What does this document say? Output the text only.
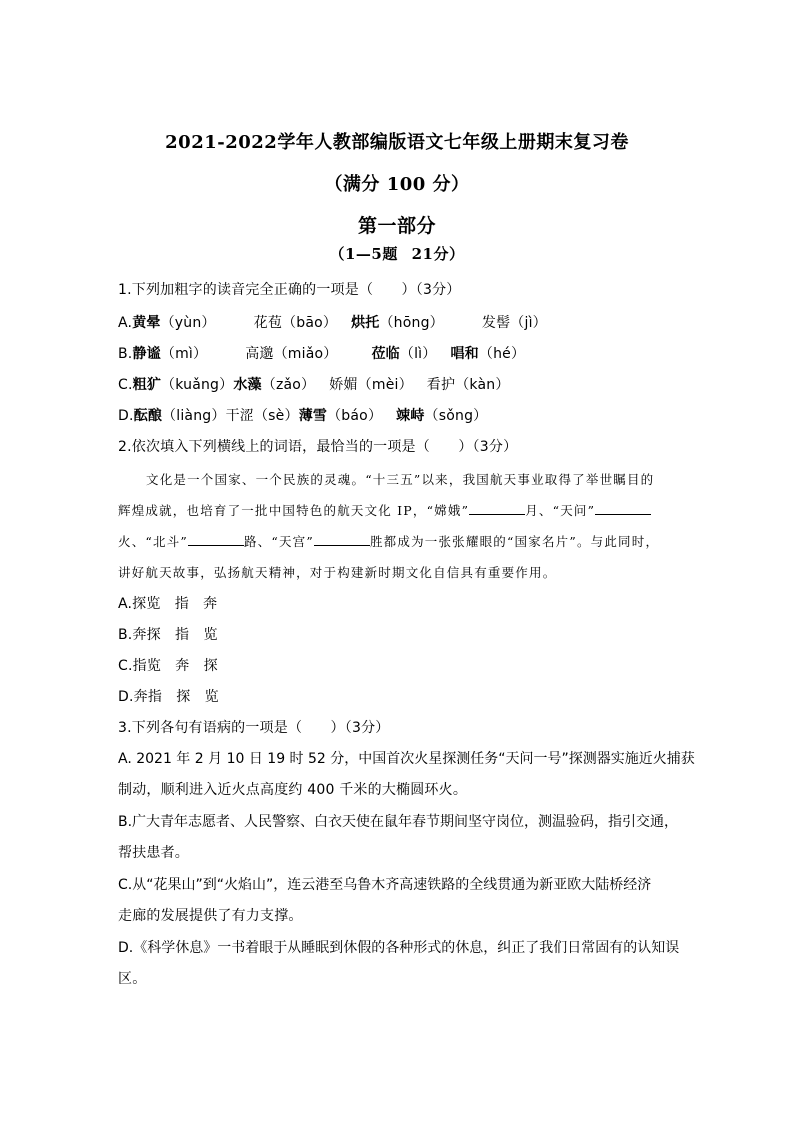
2021-2022学年人教部编版语文七年级上册期末复习卷
（满分 100 分）
第一部分
（1—5题 21分）
1.下列加粗字的读音完全正确的一项是（　　）（3分）
A.黄晕（yùn）	花苞（bāo） 烘托（hōng）	发髻（jì）
B.静谧（mì）	高邈（miǎo） 莅临（lì） 唱和（hé）
C.粗犷（kuǎng）水藻（zǎo） 娇媚（mèi） 看护（kàn）
D.酝酿（liàng）干涩（sè）薄雪（báo） 竦峙（sǒng）
2.依次填入下列横线上的词语，最恰当的一项是（　　）（3分）
文化是一个国家、一个民族的灵魂。“十三五”以来，我国航天事业取得了举世瞩目的
辉煌成就，也培育了一批中国特色的航天文化 IP，“嫦娥”	月、“天问”
火、“北斗”	路、“天宫”	胜都成为一张张耀眼的“国家名片”。与此同时，
讲好航天故事，弘扬航天精神，对于构建新时期文化自信具有重要作用。
A.探览　指　奔
B.奔探　指　览
C.指览　奔　探
D.奔指　探　览
3.下列各句有语病的一项是（　　）（3分）
A. 2021 年 2 月 10 日 19 时 52 分，中国首次火星探测任务“天问一号”探测器实施近火捕获
制动，顺利进入近火点高度约 400 千米的大椭圆环火。
B.广大青年志愿者、人民警察、白衣天使在鼠年春节期间坚守岗位，测温验码，指引交通，
帮扶患者。
C.从“花果山”到“火焰山”，连云港至乌鲁木齐高速铁路的全线贯通为新亚欧大陆桥经济
走廊的发展提供了有力支撑。
D.《科学休息》一书着眼于从睡眠到休假的各种形式的休息，纠正了我们日常固有的认知误
区。
